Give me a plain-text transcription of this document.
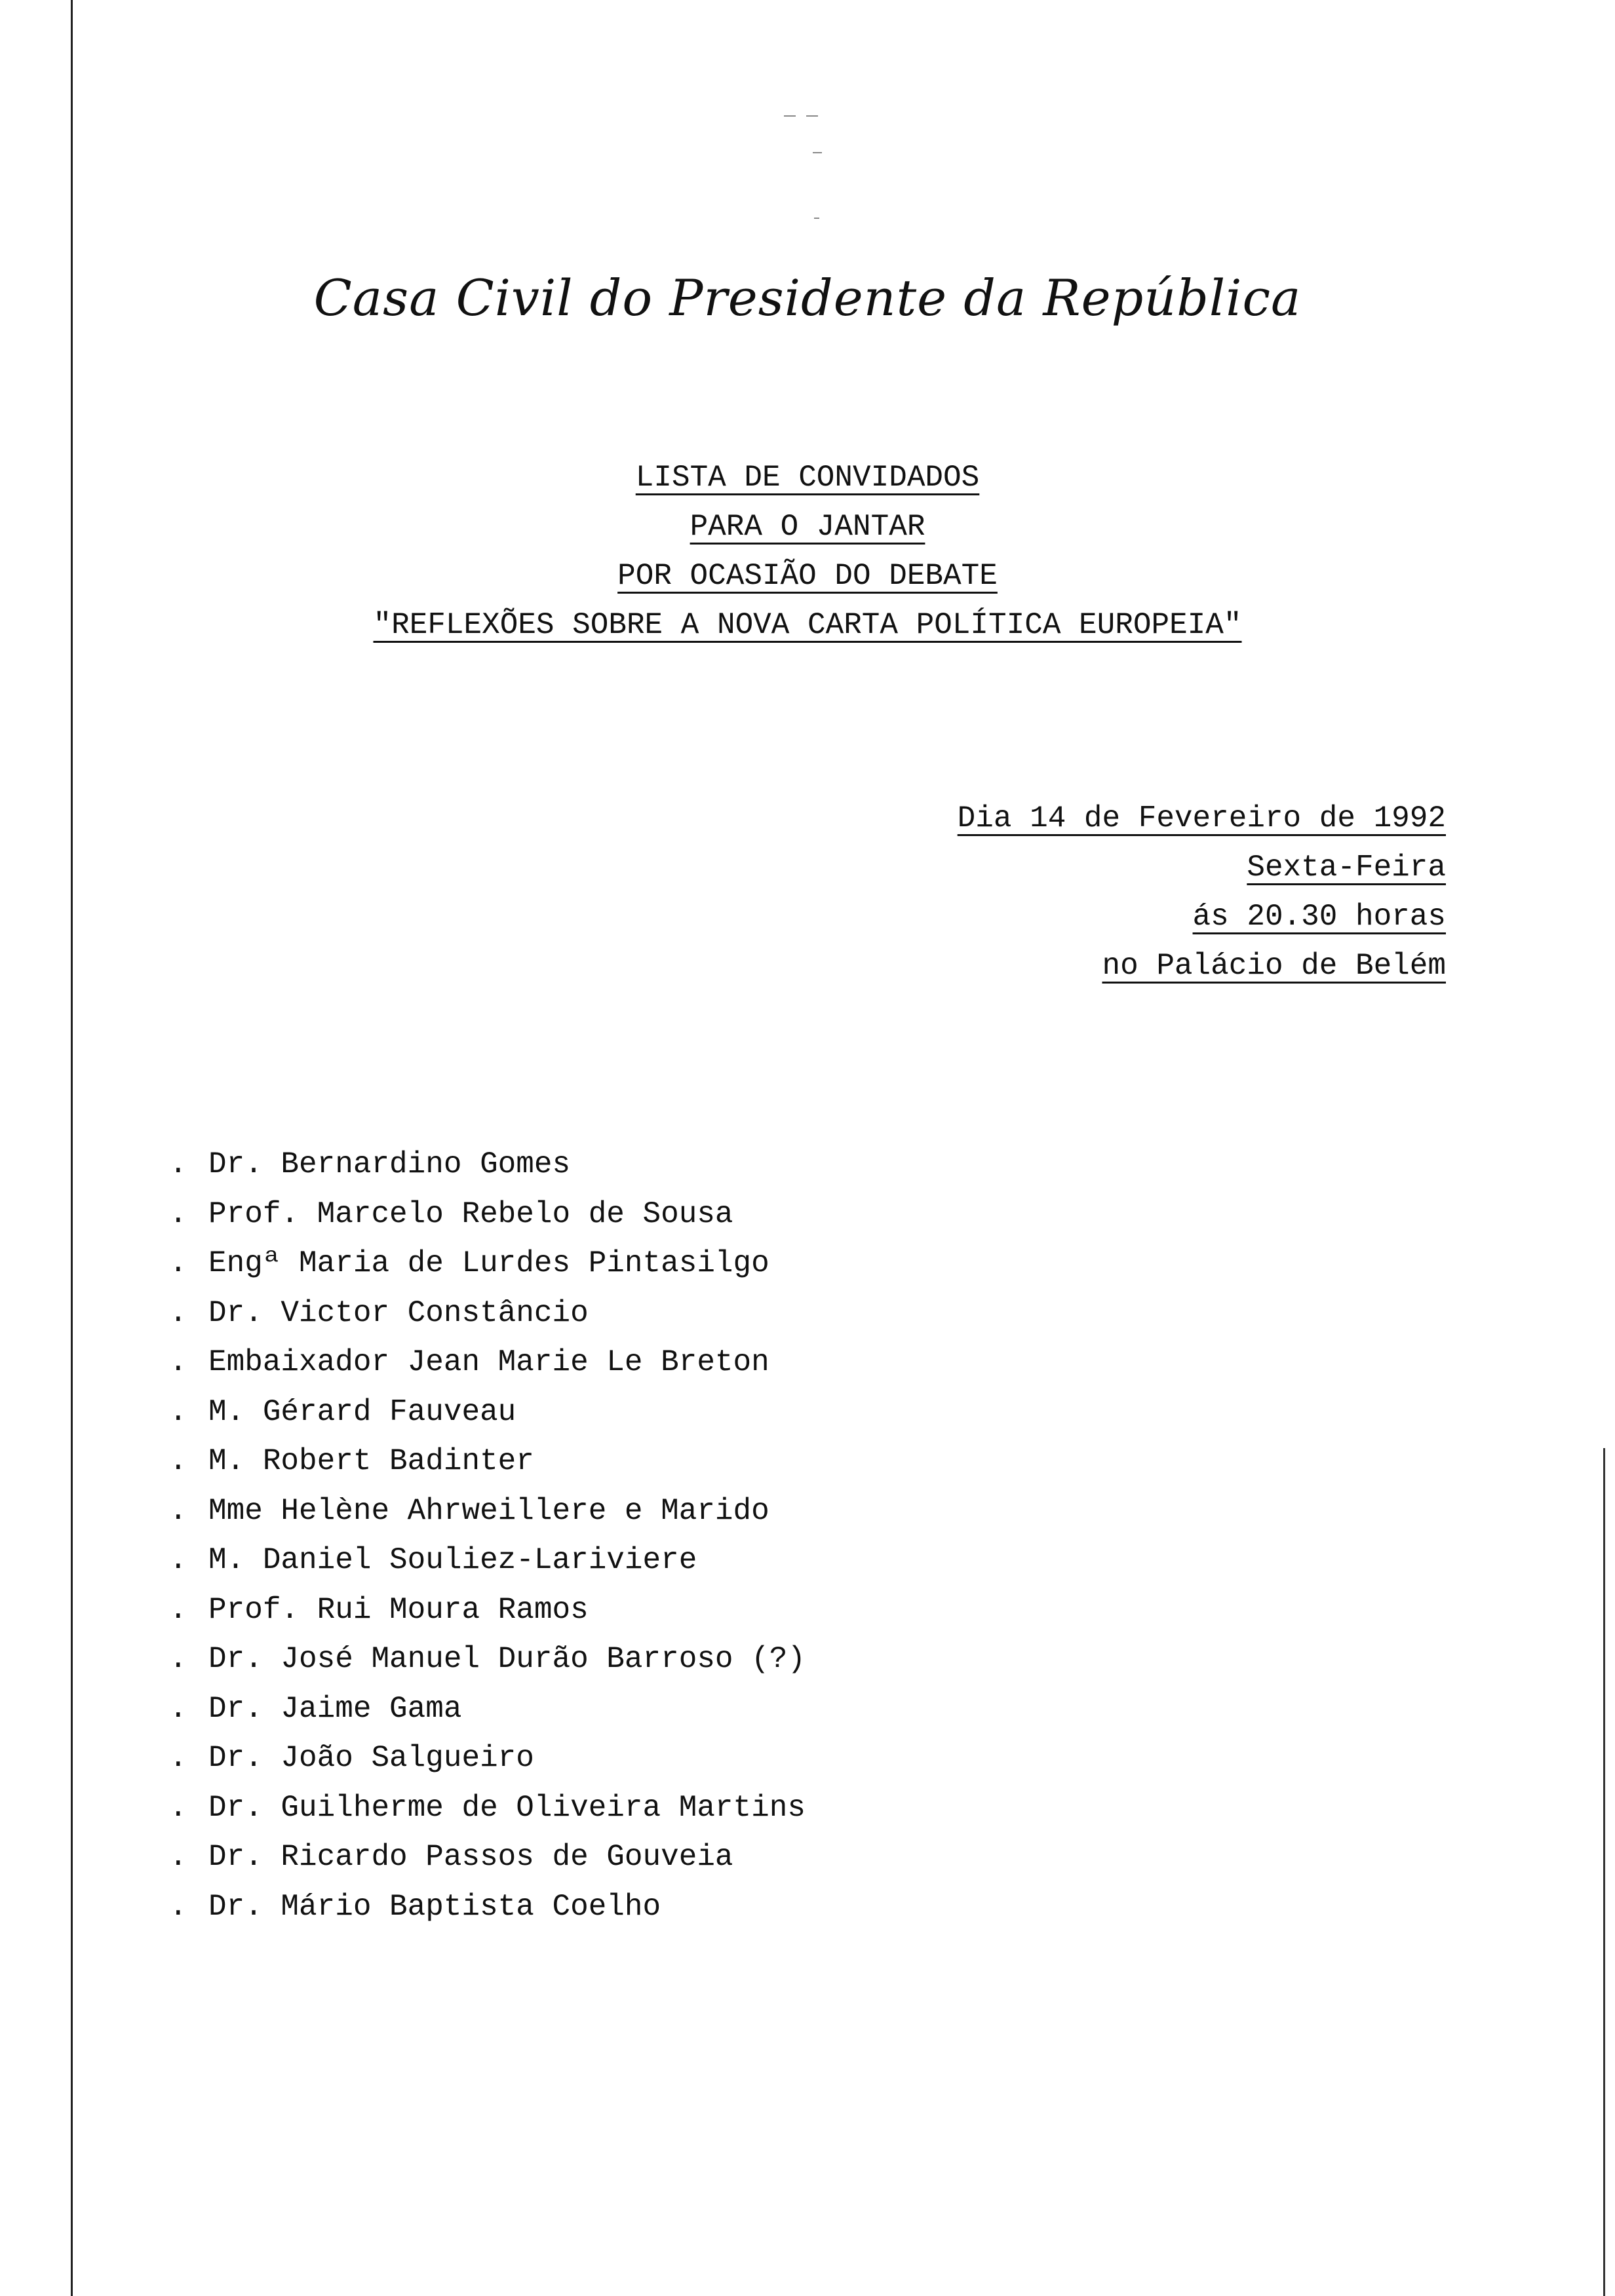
Casa Civil do Presidente da República
LISTA DE CONVIDADOS
PARA O JANTAR
POR OCASIÃO DO DEBATE
"REFLEXÕES SOBRE A NOVA CARTA POLÍTICA EUROPEIA"
Dia 14 de Fevereiro de 1992
Sexta-Feira
ás 20.30 horas
no Palácio de Belém
. Dr. Bernardino Gomes
. Prof. Marcelo Rebelo de Sousa
. Engª Maria de Lurdes Pintasilgo
. Dr. Victor Constâncio
. Embaixador Jean Marie Le Breton
. M. Gérard Fauveau
. M. Robert Badinter
. Mme Helène Ahrweillere e Marido
. M. Daniel Souliez-Lariviere
. Prof. Rui Moura Ramos
. Dr. José Manuel Durão Barroso (?)
. Dr. Jaime Gama
. Dr. João Salgueiro
. Dr. Guilherme de Oliveira Martins
. Dr. Ricardo Passos de Gouveia
. Dr. Mário Baptista Coelho
